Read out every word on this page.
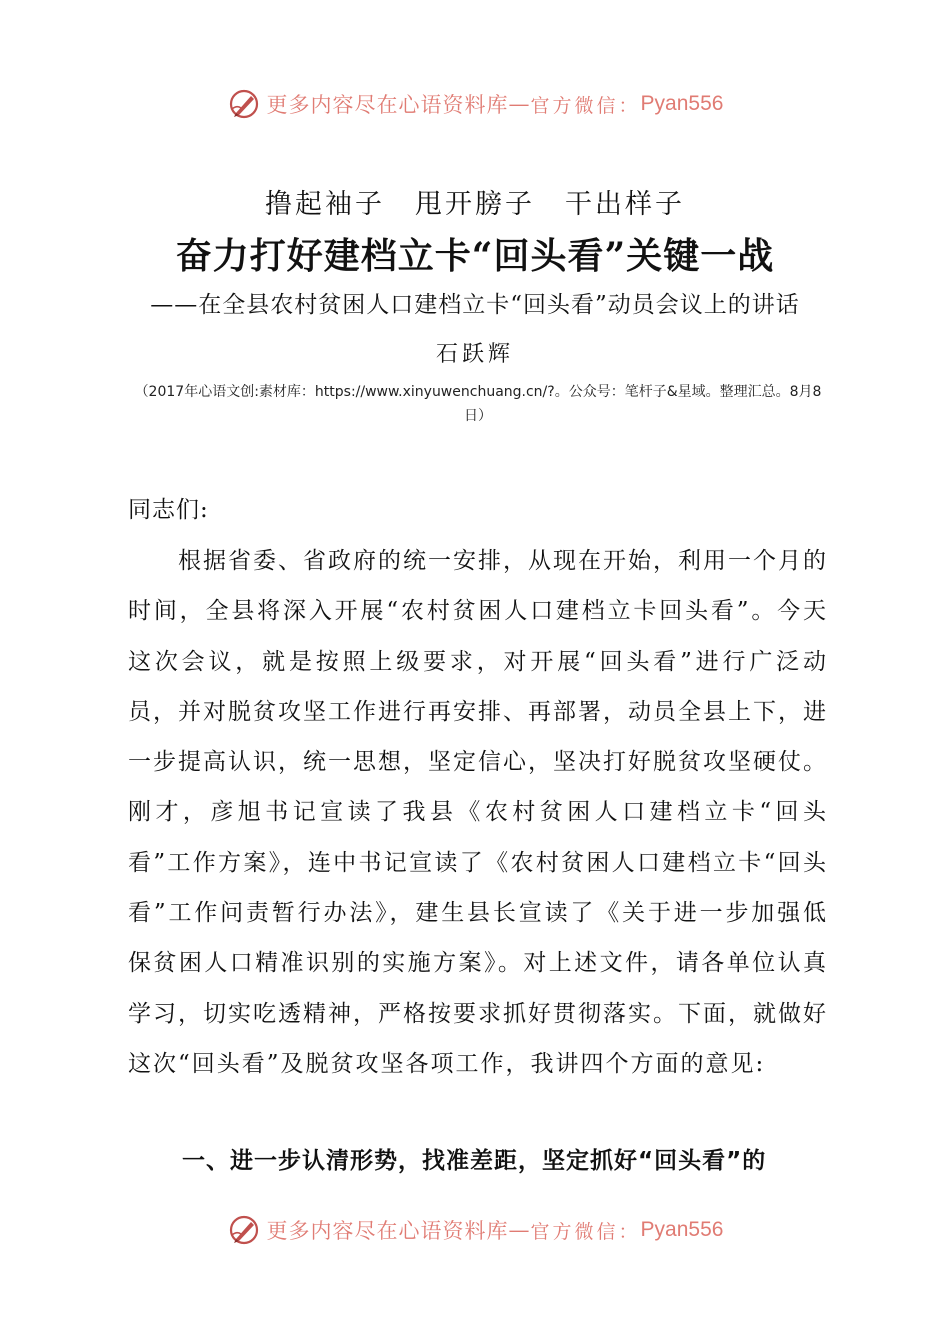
更多内容尽在心语资料库 — 官方微信： Pyan556
撸起袖子　甩开膀子　干出样子
奋力打好建档立卡“回头看”关键一战
——在全县农村贫困人口建档立卡“回头看”动员会议上的讲话
石跃辉
（2017年心语文创:素材库：https://www.xinyuwenchuang.cn/?。公众号：笔杆子&星域。整理汇总。8月8日）
同志们:
根据省委、省政府的统一安排，从现在开始，利用一个月的时间，全县将深入开展“农村贫困人口建档立卡回头看”。今天这次会议，就是按照上级要求，对开展“回头看”进行广泛动员，并对脱贫攻坚工作进行再安排、再部署，动员全县上下，进一步提高认识，统一思想，坚定信心，坚决打好脱贫攻坚硬仗。刚才，彦旭书记宣读了我县《农村贫困人口建档立卡“回头看”工作方案》，连中书记宣读了《农村贫困人口建档立卡“回头看”工作问责暂行办法》，建生县长宣读了《关于进一步加强低保贫困人口精准识别的实施方案》。对上述文件，请各单位认真学习，切实吃透精神，严格按要求抓好贯彻落实。下面，就做好这次“回头看”及脱贫攻坚各项工作，我讲四个方面的意见:
一、进一步认清形势，找准差距，坚定抓好“回头看”的
更多内容尽在心语资料库 — 官方微信： Pyan556
